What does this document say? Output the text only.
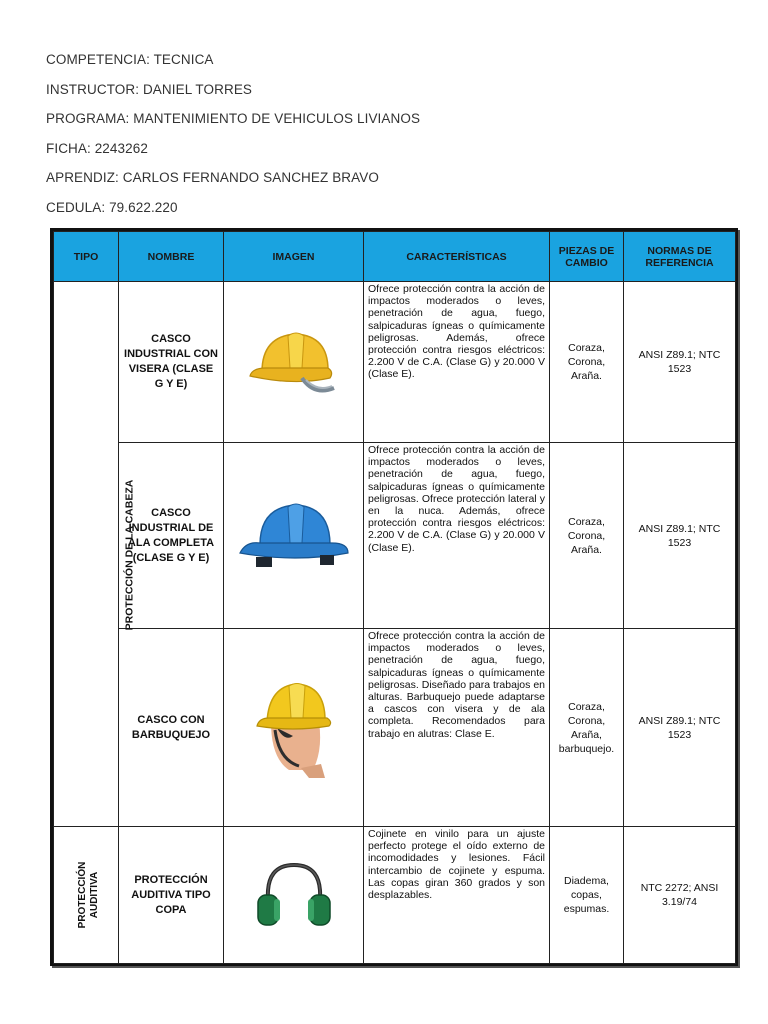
COMPETENCIA: TECNICA
INSTRUCTOR: DANIEL TORRES
PROGRAMA: MANTENIMIENTO DE VEHICULOS LIVIANOS
FICHA: 2243262
APRENDIZ: CARLOS FERNANDO SANCHEZ BRAVO
CEDULA: 79.622.220
TIPO	NOMBRE	IMAGEN	CARACTERÍSTICAS	PIEZAS DE CAMBIO	NORMAS DE REFERENCIA
PROTECCIÓN DE LA CABEZA	CASCO INDUSTRIAL CON VISERA (CLASE G Y E)		Ofrece protección contra la acción de impactos moderados o leves, penetración de agua, fuego, salpicaduras ígneas o químicamente peligrosas. Además, ofrece protección contra riesgos eléctricos: 2.200 V de C.A. (Clase G) y 20.000 V (Clase E).	Coraza, Corona, Araña.	ANSI Z89.1; NTC 1523
	CASCO INDUSTRIAL DE ALA COMPLETA (CLASE G Y E)		Ofrece protección contra la acción de impactos moderados o leves, penetración de agua, fuego, salpicaduras ígneas o químicamente peligrosas. Ofrece protección lateral y en la nuca. Además, ofrece protección contra riesgos eléctricos: 2.200 V de C.A. (Clase G) y 20.000 V (Clase E).	Coraza, Corona, Araña.	ANSI Z89.1; NTC 1523
	CASCO CON BARBUQUEJO		Ofrece protección contra la acción de impactos moderados o leves, penetración de agua, fuego, salpicaduras ígneas o químicamente peligrosas. Diseñado para trabajos en alturas. Barbuquejo puede adaptarse a cascos con visera y de ala completa. Recomendados para trabajo en alutras: Clase E.	Coraza, Corona, Araña, barbuquejo.	ANSI Z89.1; NTC 1523
PROTECCIÓN AUDITIVA	PROTECCIÓN AUDITIVA TIPO COPA		Cojinete en vinilo para un ajuste perfecto protege el oído externo de incomodidades y lesiones. Fácil intercambio de cojinete y espuma. Las copas giran 360 grados y son desplazables.	Diadema, copas, espumas.	NTC 2272; ANSI 3.19/74
